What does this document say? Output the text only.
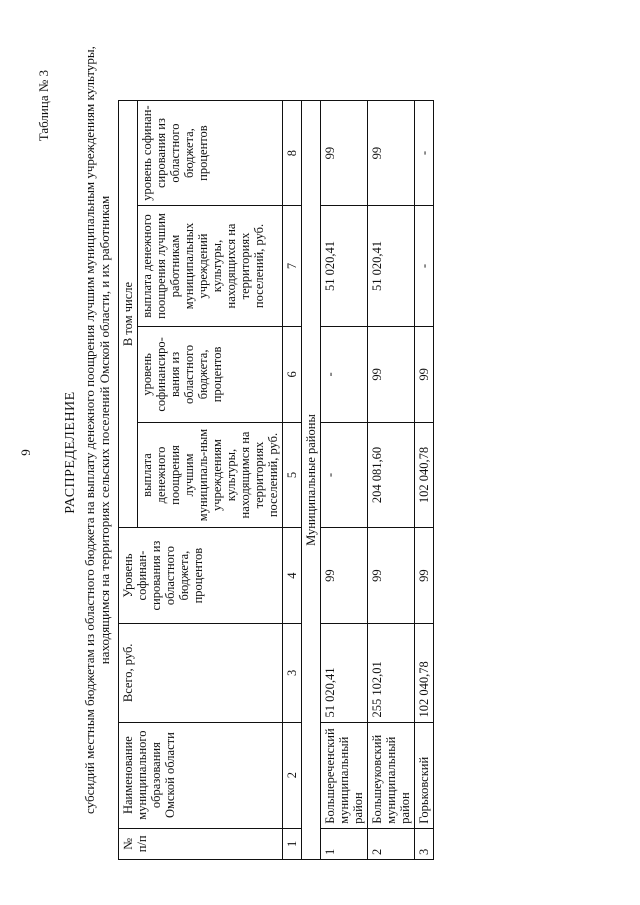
9
Таблица № 3
РАСПРЕДЕЛЕНИЕ субсидий местным бюджетам из областного бюджета на выплату денежного поощрения лучшим муниципальным учреждениям культуры, находящимся на территориях сельских поселений Омской области, и их работникам
№ п/п	Наименование муниципального образования Омской области	Всего, руб.	Уровень софинан-сирования из областного бюджета, процентов	В том числе			
				выплата денежного поощрения лучшим муниципаль-ным учреждениям культуры, находящимся на территориях поселений, руб.	уровень софинансиро-вания из областного бюджета, процентов	выплата денежного поощрения лучшим работникам муниципальных учреждений культуры, находящихся на территориях поселений, руб.	уровень софинан-сирования из областного бюджета, процентов
1	2	3	4	5	6	7	8
Муниципальные районы							
1	Большереченский муниципальный район	51 020,41	99	-	-	51 020,41	99
2	Большеуковский муниципальный район	255 102,01	99	204 081,60	99	51 020,41	99
3	Горьковский	102 040,78	99	102 040,78	99	-	-
